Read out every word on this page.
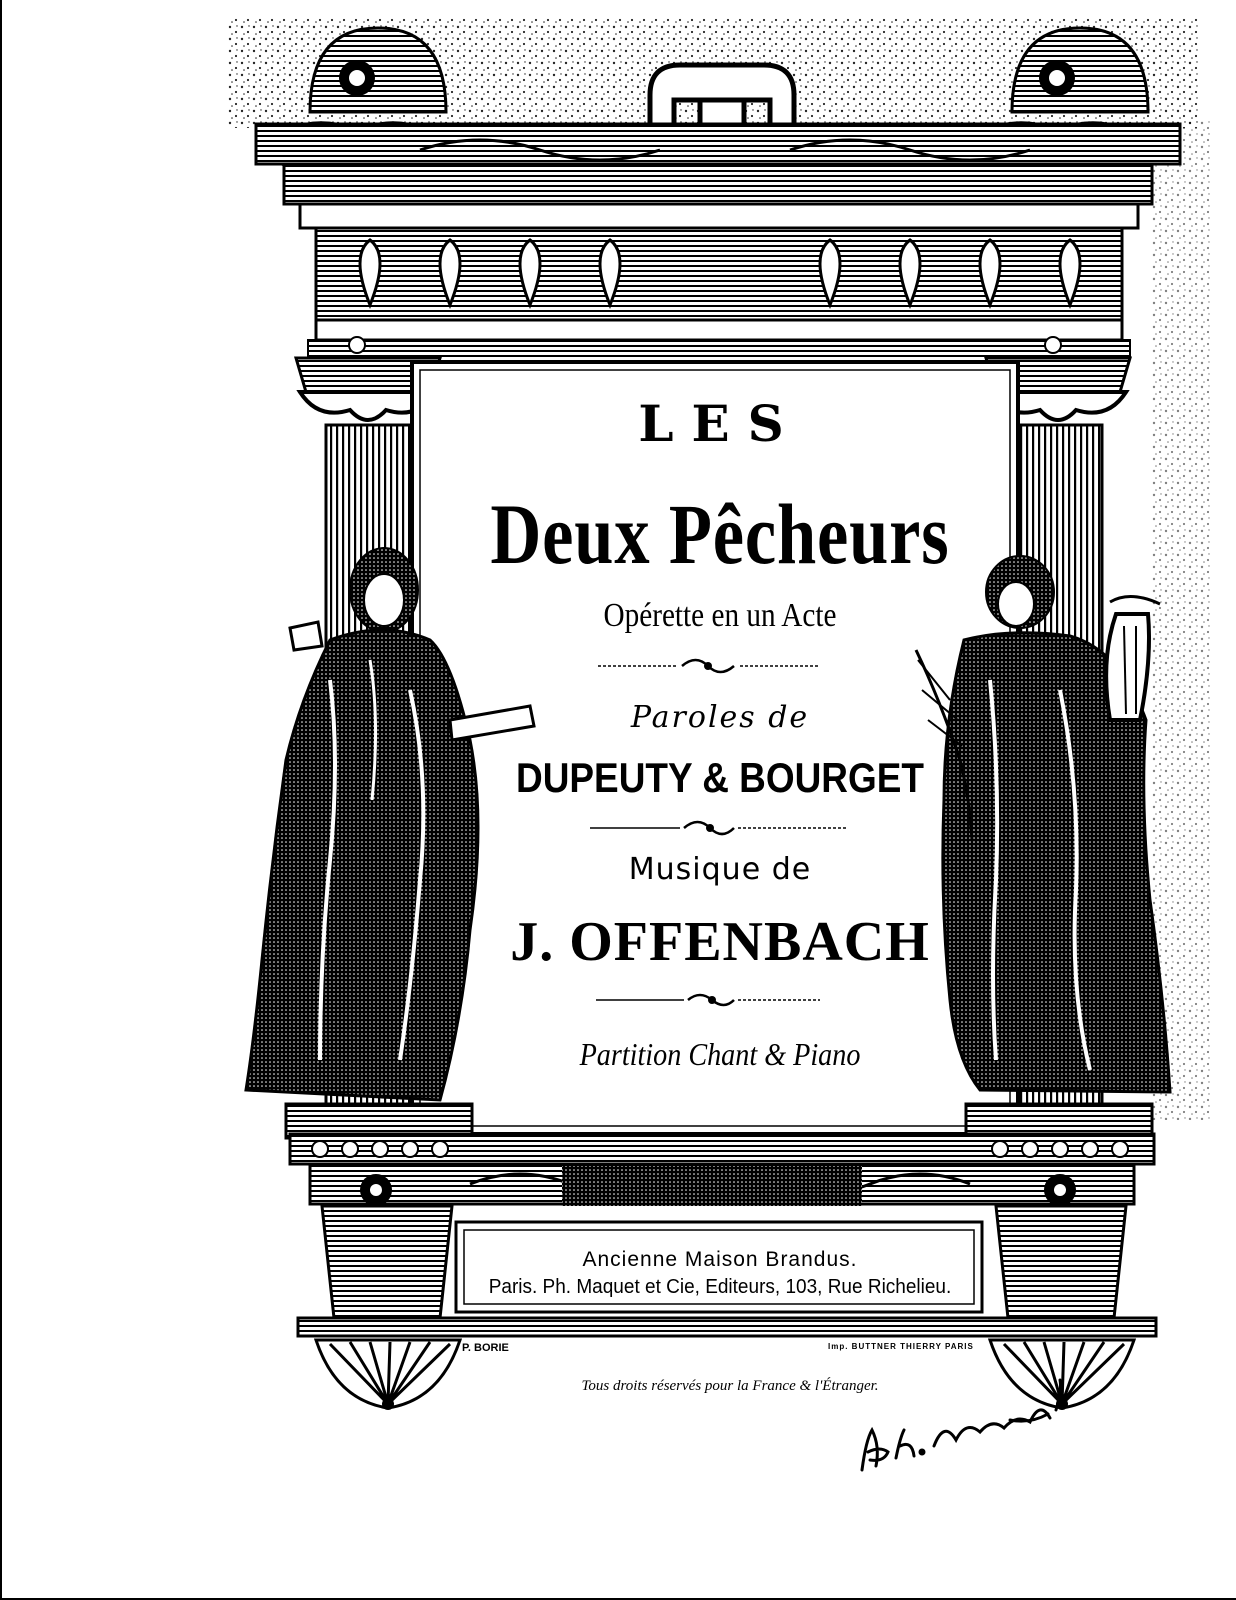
LES
Deux Pêcheurs
Opérette en un Acte
Paroles de
DUPEUTY & BOURGET
Musique de
J. OFFENBACH
Partition Chant & Piano
Ancienne Maison Brandus.
Paris. Ph. Maquet et Cie, Editeurs, 103, Rue Richelieu.
P. BORIE	Imp. BUTTNER THIERRY PARIS
Tous droits réservés pour la France & l'Étranger.
